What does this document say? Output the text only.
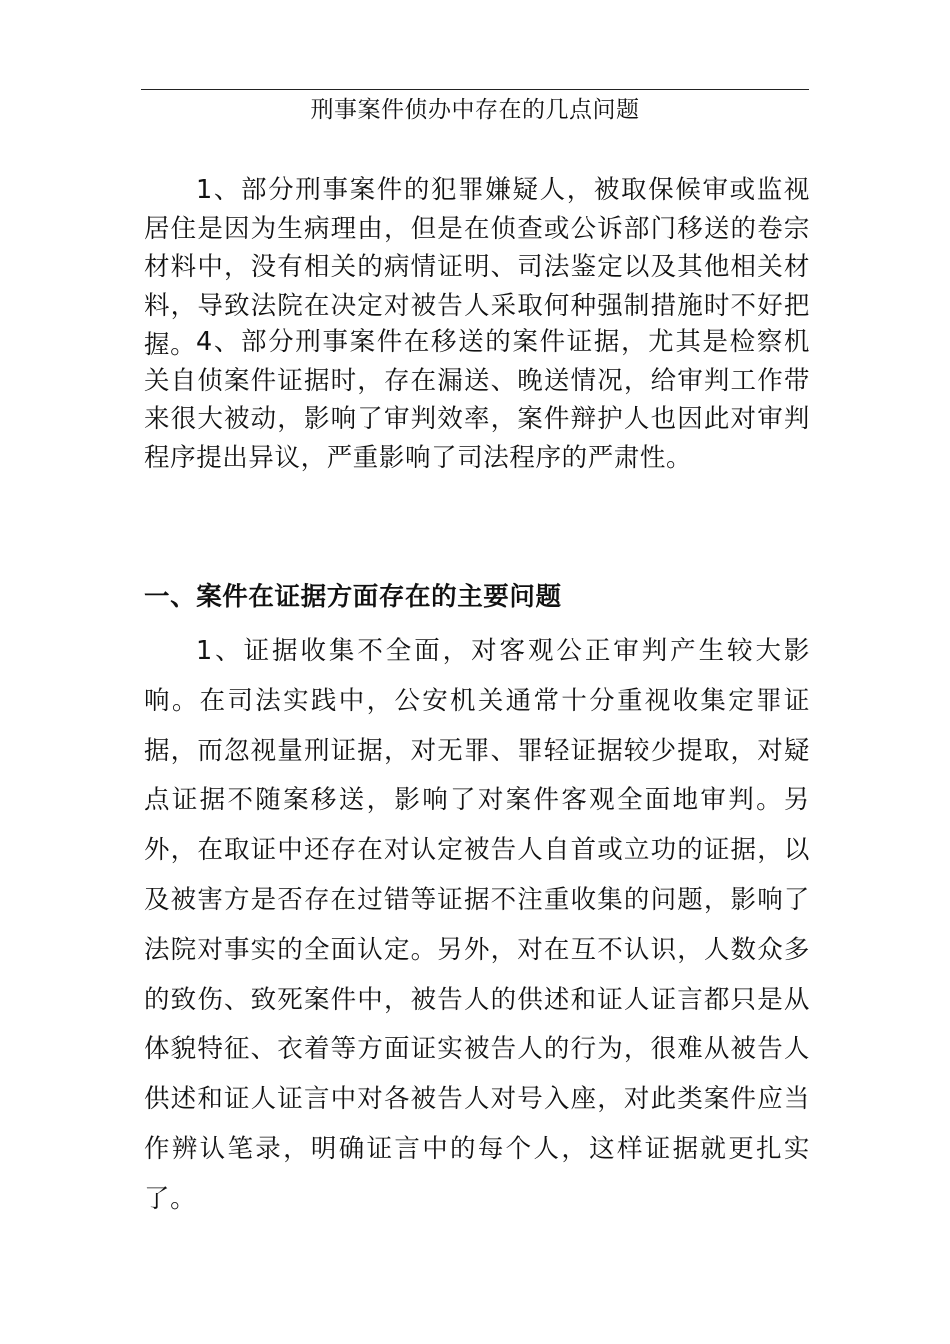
刑事案件侦办中存在的几点问题

1、部分刑事案件的犯罪嫌疑人，被取保候审或监视居住是因为生病理由，但是在侦查或公诉部门移送的卷宗材料中，没有相关的病情证明、司法鉴定以及其他相关材料，导致法院在决定对被告人采取何种强制措施时不好把握。 4、部分刑事案件在移送的案件证据，尤其是检察机关自侦案件证据时，存在漏送、晚送情况，给审判工作带来很大被动，影响了审判效率，案件辩护人也因此对审判程序提出异议，严重影响了司法程序的严肃性。

一、案件在证据方面存在的主要问题

1、证据收集不全面，对客观公正审判产生较大影响。在司法实践中，公安机关通常十分重视收集定罪证据，而忽视量刑证据，对无罪、罪轻证据较少提取，对疑点证据不随案移送，影响了对案件客观全面地审判。另外，在取证中还存在对认定被告人自首或立功的证据，以及被害方是否存在过错等证据不注重收集的问题，影响了法院对事实的全面认定。另外，对在互不认识，人数众多的致伤、致死案件中，被告人的供述和证人证言都只是从体貌特征、衣着等方面证实被告人的行为，很难从被告人供述和证人证言中对各被告人对号入座，对此类案件应当作辨认笔录，明确证言中的每个人，这样证据就更扎实了。
